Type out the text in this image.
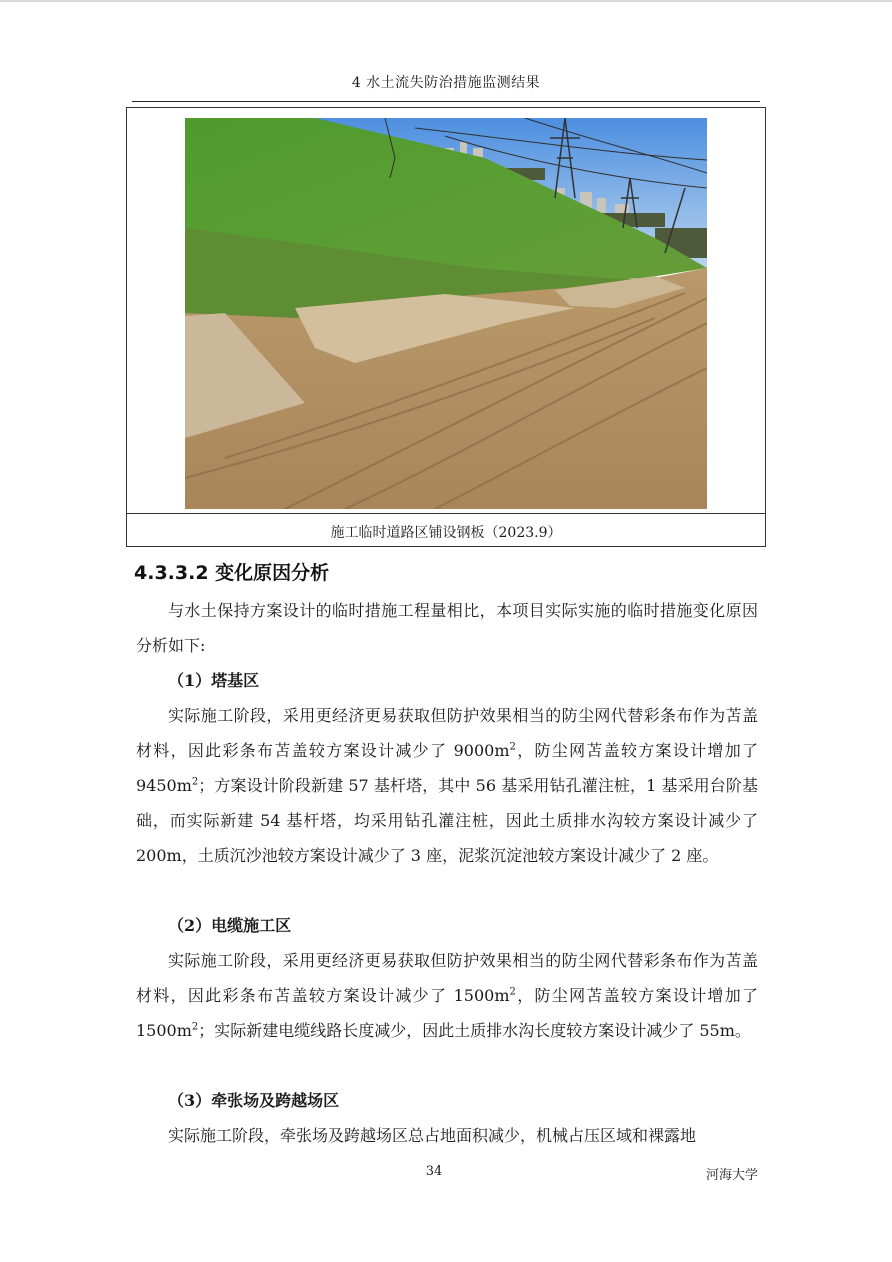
4 水土流失防治措施监测结果
施工临时道路区铺设钢板（2023.9）
4.3.3.2 变化原因分析

与水土保持方案设计的临时措施工程量相比，本项目实际实施的临时措施变化原因分析如下:

（1）塔基区

实际施工阶段，采用更经济更易获取但防护效果相当的防尘网代替彩条布作为苫盖材料，因此彩条布苫盖较方案设计减少了 $9000m^2$，防尘网苫盖较方案设计增加了 $9450m^2$；方案设计阶段新建 57 基杆塔，其中 56 基采用钻孔灌注桩，1 基采用台阶基础，而实际新建 54 基杆塔，均采用钻孔灌注桩，因此土质排水沟较方案设计减少了 200m，土质沉沙池较方案设计减少了 3 座，泥浆沉淀池较方案设计减少了 2 座。

（2）电缆施工区

实际施工阶段，采用更经济更易获取但防护效果相当的防尘网代替彩条布作为苫盖材料，因此彩条布苫盖较方案设计减少了 $1500m^2$，防尘网苫盖较方案设计增加了 $1500m^2$；实际新建电缆线路长度减少，因此土质排水沟长度较方案设计减少了 55m。

（3）牵张场及跨越场区

实际施工阶段，牵张场及跨越场区总占地面积减少，机械占压区域和裸露地

34	河海大学
